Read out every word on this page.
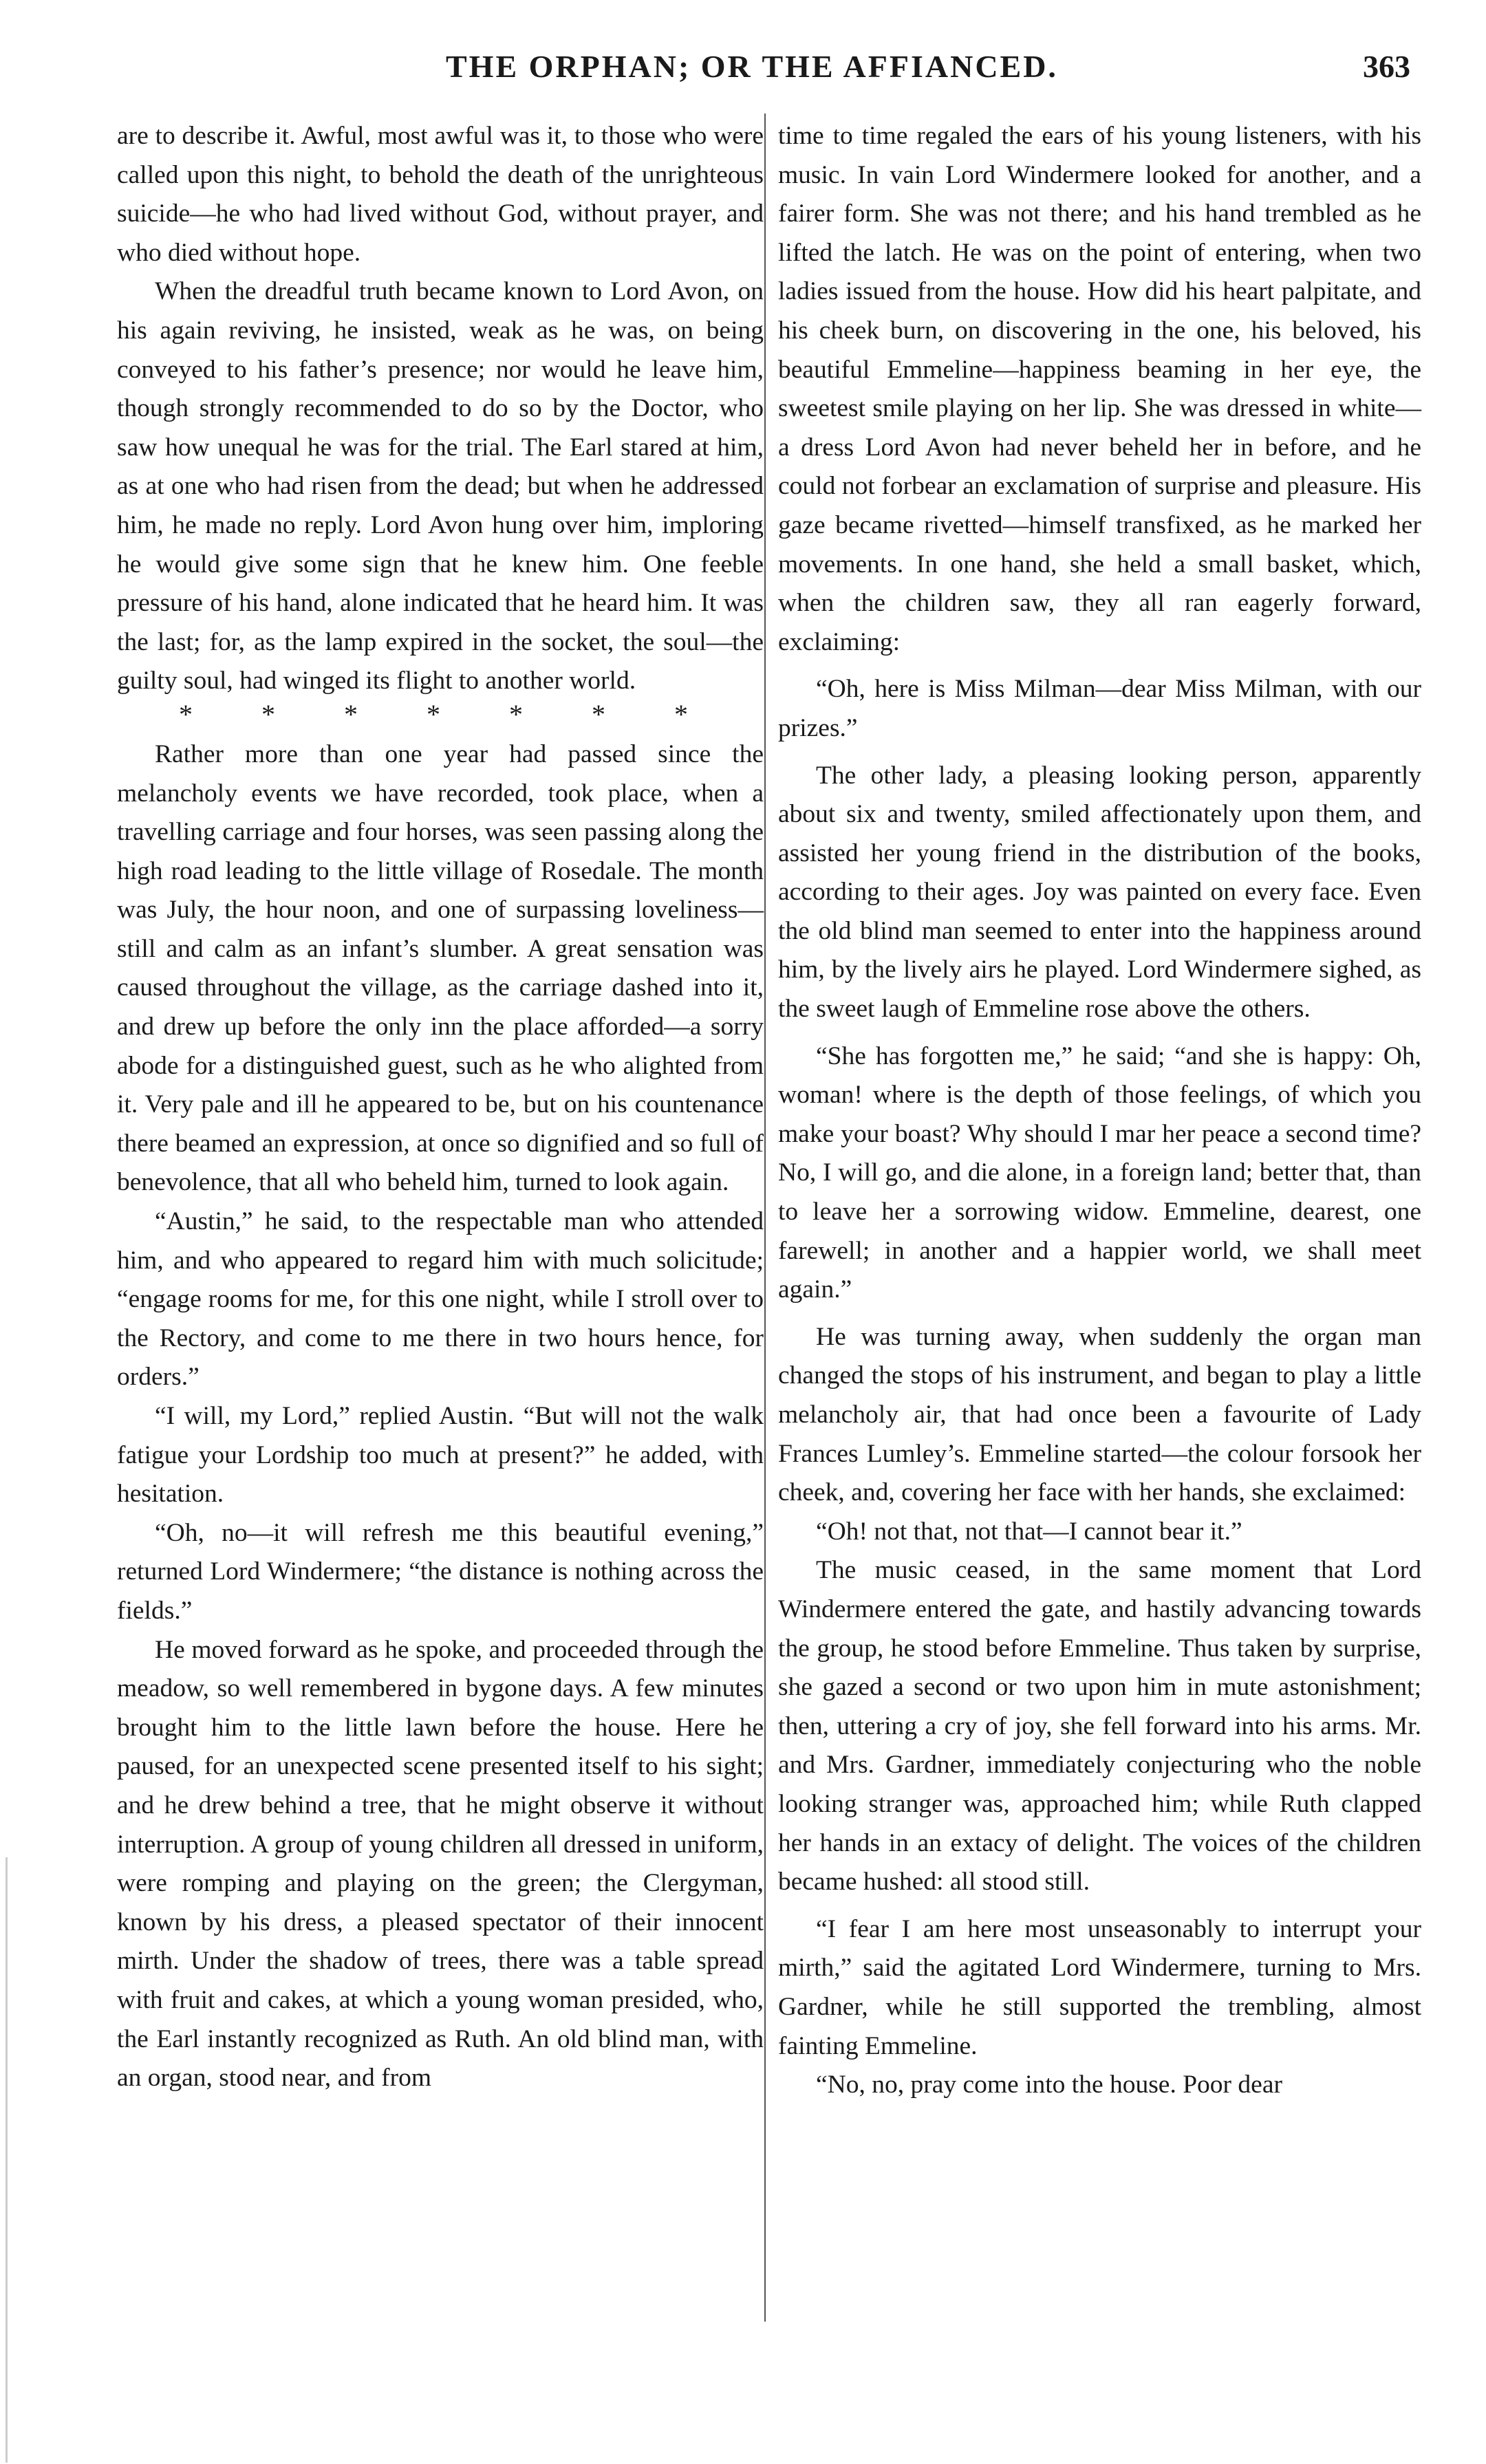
THE ORPHAN; OR THE AFFIANCED.	363

are to describe it. Awful, most awful was it, to those who were called upon this night, to behold the death of the unrighteous suicide—he who had lived without God, without prayer, and who died without hope.

When the dreadful truth became known to Lord Avon, on his again reviving, he insisted, weak as he was, on being conveyed to his father’s presence; nor would he leave him, though strongly recommended to do so by the Doctor, who saw how unequal he was for the trial. The Earl stared at him, as at one who had risen from the dead; but when he addressed him, he made no reply. Lord Avon hung over him, imploring he would give some sign that he knew him. One feeble pressure of his hand, alone indicated that he heard him. It was the last; for, as the lamp expired in the socket, the soul—the guilty soul, had winged its flight to another world.

*	*	*	*	*	*	*

Rather more than one year had passed since the melancholy events we have recorded, took place, when a travelling carriage and four horses, was seen passing along the high road leading to the little village of Rosedale. The month was July, the hour noon, and one of surpassing loveliness—still and calm as an infant’s slumber. A great sensation was caused throughout the village, as the carriage dashed into it, and drew up before the only inn the place afforded—a sorry abode for a distinguished guest, such as he who alighted from it. Very pale and ill he appeared to be, but on his countenance there beamed an expression, at once so dignified and so full of benevolence, that all who beheld him, turned to look again.

“Austin,” he said, to the respectable man who attended him, and who appeared to regard him with much solicitude; “engage rooms for me, for this one night, while I stroll over to the Rectory, and come to me there in two hours hence, for orders.”

“I will, my Lord,” replied Austin. “But will not the walk fatigue your Lordship too much at present?” he added, with hesitation.

“Oh, no—it will refresh me this beautiful evening,” returned Lord Windermere; “the distance is nothing across the fields.”

He moved forward as he spoke, and proceeded through the meadow, so well remembered in bygone days. A few minutes brought him to the little lawn before the house. Here he paused, for an unexpected scene presented itself to his sight; and he drew behind a tree, that he might observe it without interruption. A group of young children all dressed in uniform, were romping and playing on the green; the Clergyman, known by his dress, a pleased spectator of their innocent mirth. Under the shadow of trees, there was a table spread with fruit and cakes, at which a young woman presided, who, the Earl instantly recognized as Ruth. An old blind man, with an organ, stood near, and from

time to time regaled the ears of his young listeners, with his music. In vain Lord Windermere looked for another, and a fairer form. She was not there; and his hand trembled as he lifted the latch. He was on the point of entering, when two ladies issued from the house. How did his heart palpitate, and his cheek burn, on discovering in the one, his beloved, his beautiful Emmeline—happiness beaming in her eye, the sweetest smile playing on her lip. She was dressed in white—a dress Lord Avon had never beheld her in before, and he could not forbear an exclamation of surprise and pleasure. His gaze became rivetted—himself transfixed, as he marked her movements. In one hand, she held a small basket, which, when the children saw, they all ran eagerly forward, exclaiming:

“Oh, here is Miss Milman—dear Miss Milman, with our prizes.”

The other lady, a pleasing looking person, apparently about six and twenty, smiled affectionately upon them, and assisted her young friend in the distribution of the books, according to their ages. Joy was painted on every face. Even the old blind man seemed to enter into the happiness around him, by the lively airs he played. Lord Windermere sighed, as the sweet laugh of Emmeline rose above the others.

“She has forgotten me,” he said; “and she is happy: Oh, woman! where is the depth of those feelings, of which you make your boast? Why should I mar her peace a second time? No, I will go, and die alone, in a foreign land; better that, than to leave her a sorrowing widow. Emmeline, dearest, one farewell; in another and a happier world, we shall meet again.”

He was turning away, when suddenly the organ man changed the stops of his instrument, and began to play a little melancholy air, that had once been a favourite of Lady Frances Lumley’s. Emmeline started—the colour forsook her cheek, and, covering her face with her hands, she exclaimed:

“Oh! not that, not that—I cannot bear it.”

The music ceased, in the same moment that Lord Windermere entered the gate, and hastily advancing towards the group, he stood before Emmeline. Thus taken by surprise, she gazed a second or two upon him in mute astonishment; then, uttering a cry of joy, she fell forward into his arms. Mr. and Mrs. Gardner, immediately conjecturing who the noble looking stranger was, approached him; while Ruth clapped her hands in an extacy of delight. The voices of the children became hushed: all stood still.

“I fear I am here most unseasonably to interrupt your mirth,” said the agitated Lord Windermere, turning to Mrs. Gardner, while he still supported the trembling, almost fainting Emmeline.

“No, no, pray come into the house. Poor dear
